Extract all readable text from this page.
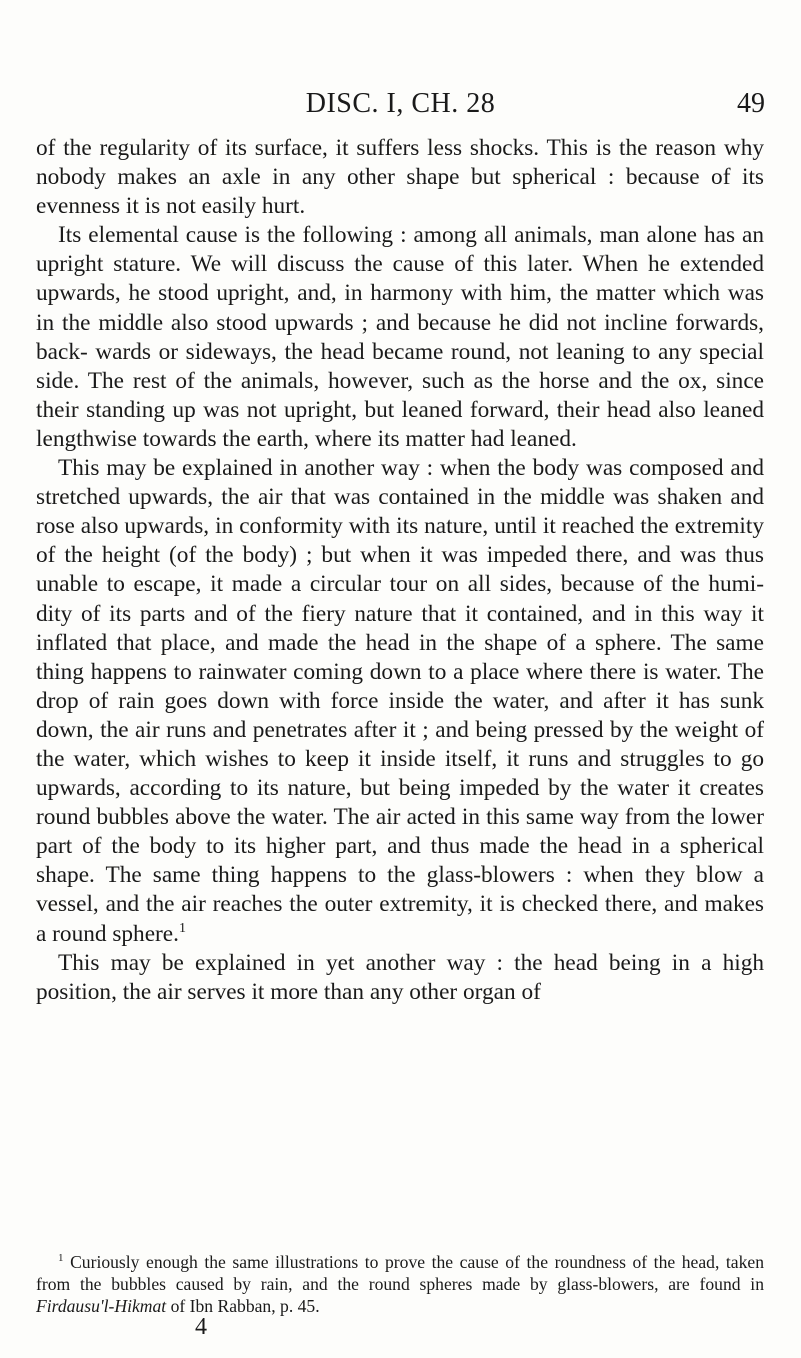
DISC. I, CH. 28	49

of the regularity of its surface, it suffers less shocks. This is the reason why nobody makes an axle in any other shape but spherical : because of its evenness it is not easily hurt.

Its elemental cause is the following : among all animals, man alone has an upright stature. We will discuss the cause of this later. When he extended upwards, he stood upright, and, in harmony with him, the matter which was in the middle also stood upwards ; and because he did not incline forwards, back- wards or sideways, the head became round, not leaning to any special side. The rest of the animals, however, such as the horse and the ox, since their standing up was not upright, but leaned forward, their head also leaned lengthwise towards the earth, where its matter had leaned.

This may be explained in another way : when the body was composed and stretched upwards, the air that was contained in the middle was shaken and rose also upwards, in conformity with its nature, until it reached the extremity of the height (of the body) ; but when it was impeded there, and was thus unable to escape, it made a circular tour on all sides, because of the humi- dity of its parts and of the fiery nature that it contained, and in this way it inflated that place, and made the head in the shape of a sphere. The same thing happens to rainwater coming down to a place where there is water. The drop of rain goes down with force inside the water, and after it has sunk down, the air runs and penetrates after it ; and being pressed by the weight of the water, which wishes to keep it inside itself, it runs and struggles to go upwards, according to its nature, but being impeded by the water it creates round bubbles above the water. The air acted in this same way from the lower part of the body to its higher part, and thus made the head in a spherical shape. The same thing happens to the glass-blowers : when they blow a vessel, and the air reaches the outer extremity, it is checked there, and makes a round sphere.$^1$

This may be explained in yet another way : the head being in a high position, the air serves it more than any other organ of

$^1$ Curiously enough the same illustrations to prove the cause of the roundness of the head, taken from the bubbles caused by rain, and the round spheres made by glass-blowers, are found in Firdausu'l-Hikmat of Ibn Rabban, p. 45.

4
